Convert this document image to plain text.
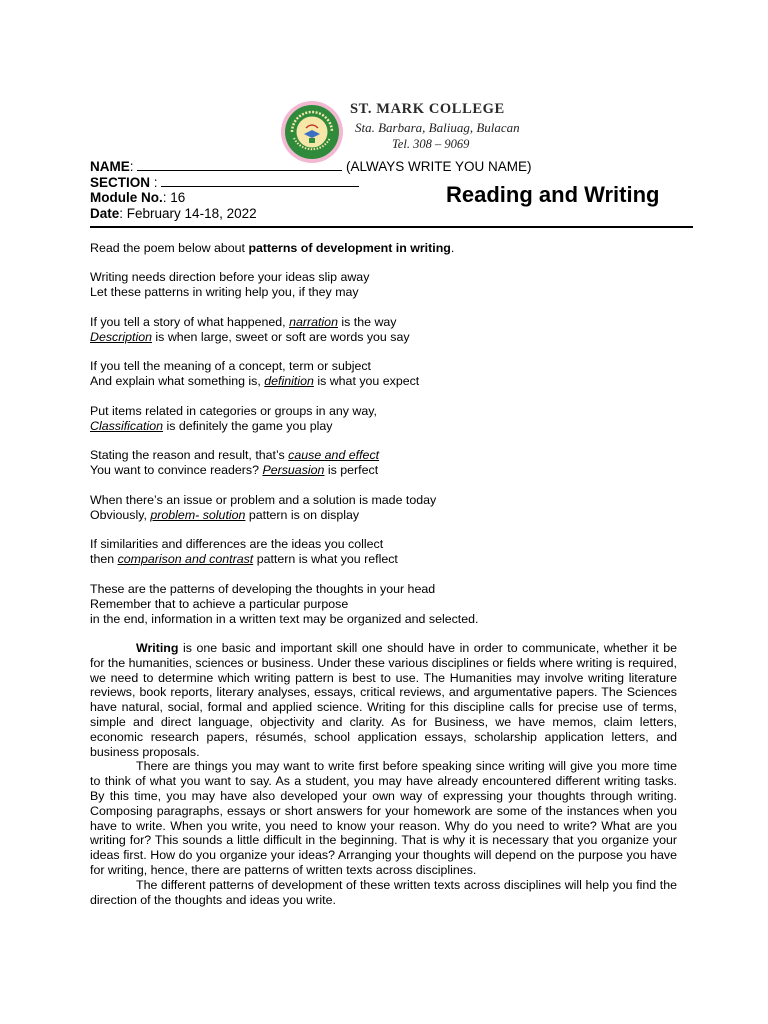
ST. MARK COLLEGE
Sta. Barbara, Baliuag, Bulacan
Tel. 308 – 9069
NAME:	(ALWAYS WRITE YOU NAME)
SECTION :
Module No.: 16
Date: February 14-18, 2022
Reading and Writing
Read the poem below about patterns of development in writing.
Writing needs direction before your ideas slip away
Let these patterns in writing help you, if they may
If you tell a story of what happened, narration is the way
Description is when large, sweet or soft are words you say
If you tell the meaning of a concept, term or subject
And explain what something is, definition is what you expect
Put items related in categories or groups in any way,
Classification is definitely the game you play
Stating the reason and result, that’s cause and effect
You want to convince readers? Persuasion is perfect
When there’s an issue or problem and a solution is made today
Obviously, problem- solution pattern is on display
If similarities and differences are the ideas you collect
then comparison and contrast pattern is what you reflect
These are the patterns of developing the thoughts in your head
Remember that to achieve a particular purpose
in the end, information in a written text may be organized and selected.

Writing is one basic and important skill one should have in order to communicate, whether it be for the humanities, sciences or business. Under these various disciplines or fields where writing is required, we need to determine which writing pattern is best to use. The Humanities may involve writing literature reviews, book reports, literary analyses, essays, critical reviews, and argumentative papers. The Sciences have natural, social, formal and applied science. Writing for this discipline calls for precise use of terms, simple and direct language, objectivity and clarity. As for Business, we have memos, claim letters, economic research papers, résumés, school application essays, scholarship application letters, and business proposals.

There are things you may want to write first before speaking since writing will give you more time to think of what you want to say. As a student, you may have already encountered different writing tasks. By this time, you may have also developed your own way of expressing your thoughts through writing. Composing paragraphs, essays or short answers for your homework are some of the instances when you have to write. When you write, you need to know your reason. Why do you need to write? What are you writing for? This sounds a little difficult in the beginning. That is why it is necessary that you organize your ideas first. How do you organize your ideas? Arranging your thoughts will depend on the purpose you have for writing, hence, there are patterns of written texts across disciplines.

The different patterns of development of these written texts across disciplines will help you find the direction of the thoughts and ideas you write.
